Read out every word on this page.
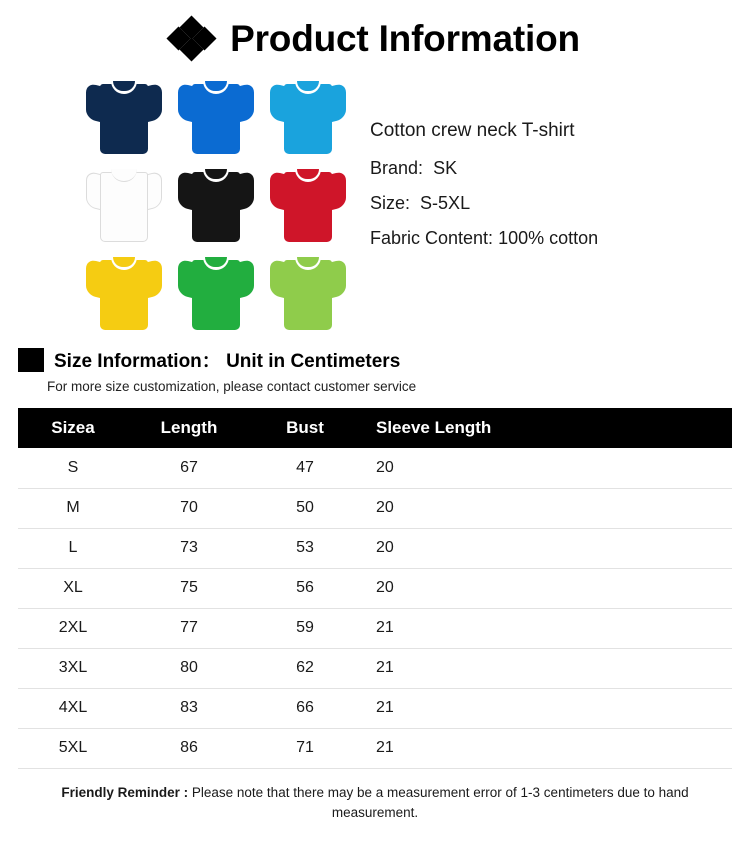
Product Information
Cotton crew neck T-shirt
Brand: SK
Size: S-5XL
Fabric Content: 100% cotton
Size Information： Unit in Centimeters
For more size customization, please contact customer service
Sizea	Length	Bust	Sleeve Length
S	67	47	20
M	70	50	20
L	73	53	20
XL	75	56	20
2XL	77	59	21
3XL	80	62	21
4XL	83	66	21
5XL	86	71	21
Friendly Reminder : Please note that there may be a measurement error of 1-3 centimeters due to hand measurement.
